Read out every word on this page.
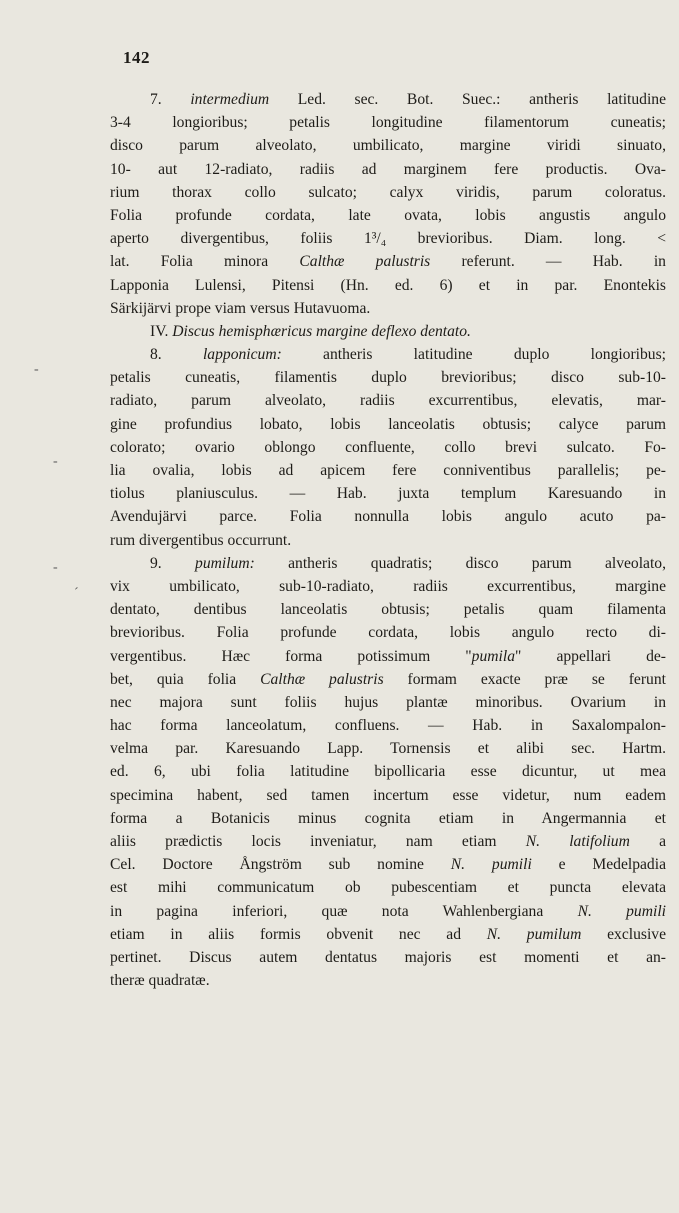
142
-
-
-
´
7. intermedium Led. sec. Bot. Suec.: antheris latitudine
3-4 longioribus; petalis longitudine filamentorum cuneatis;
disco parum alveolato, umbilicato, margine viridi sinuato,
10- aut 12-radiato, radiis ad marginem fere productis. Ova-
rium thorax collo sulcato; calyx viridis, parum coloratus.
Folia profunde cordata, late ovata, lobis angustis angulo
aperto divergentibus, foliis 1³/₄ brevioribus. Diam. long. <
lat. Folia minora Calthæ palustris referunt. — Hab. in
Lapponia Lulensi, Pitensi (Hn. ed. 6) et in par. Enontekis
Särkijärvi prope viam versus Hutavuoma.
IV. Discus hemisphæricus margine deflexo dentato.
8. lapponicum: antheris latitudine duplo longioribus;
petalis cuneatis, filamentis duplo brevioribus; disco sub-10-
radiato, parum alveolato, radiis excurrentibus, elevatis, mar-
gine profundius lobato, lobis lanceolatis obtusis; calyce parum
colorato; ovario oblongo confluente, collo brevi sulcato. Fo-
lia ovalia, lobis ad apicem fere conniventibus parallelis; pe-
tiolus planiusculus. — Hab. juxta templum Karesuando in
Avendujärvi parce. Folia nonnulla lobis angulo acuto pa-
rum divergentibus occurrunt.
9. pumilum: antheris quadratis; disco parum alveolato,
vix umbilicato, sub-10-radiato, radiis excurrentibus, margine
dentato, dentibus lanceolatis obtusis; petalis quam filamenta
brevioribus. Folia profunde cordata, lobis angulo recto di-
vergentibus. Hæc forma potissimum "pumila" appellari de-
bet, quia folia Calthæ palustris formam exacte præ se ferunt
nec majora sunt foliis hujus plantæ minoribus. Ovarium in
hac forma lanceolatum, confluens. — Hab. in Saxalompalon-
velma par. Karesuando Lapp. Tornensis et alibi sec. Hartm.
ed. 6, ubi folia latitudine bipollicaria esse dicuntur, ut mea
specimina habent, sed tamen incertum esse videtur, num eadem
forma a Botanicis minus cognita etiam in Angermannia et
aliis prædictis locis inveniatur, nam etiam N. latifolium a
Cel. Doctore Ångström sub nomine N. pumili e Medelpadia
est mihi communicatum ob pubescentiam et puncta elevata
in pagina inferiori, quæ nota Wahlenbergiana N. pumili
etiam in aliis formis obvenit nec ad N. pumilum exclusive
pertinet. Discus autem dentatus majoris est momenti et an-
theræ quadratæ.
